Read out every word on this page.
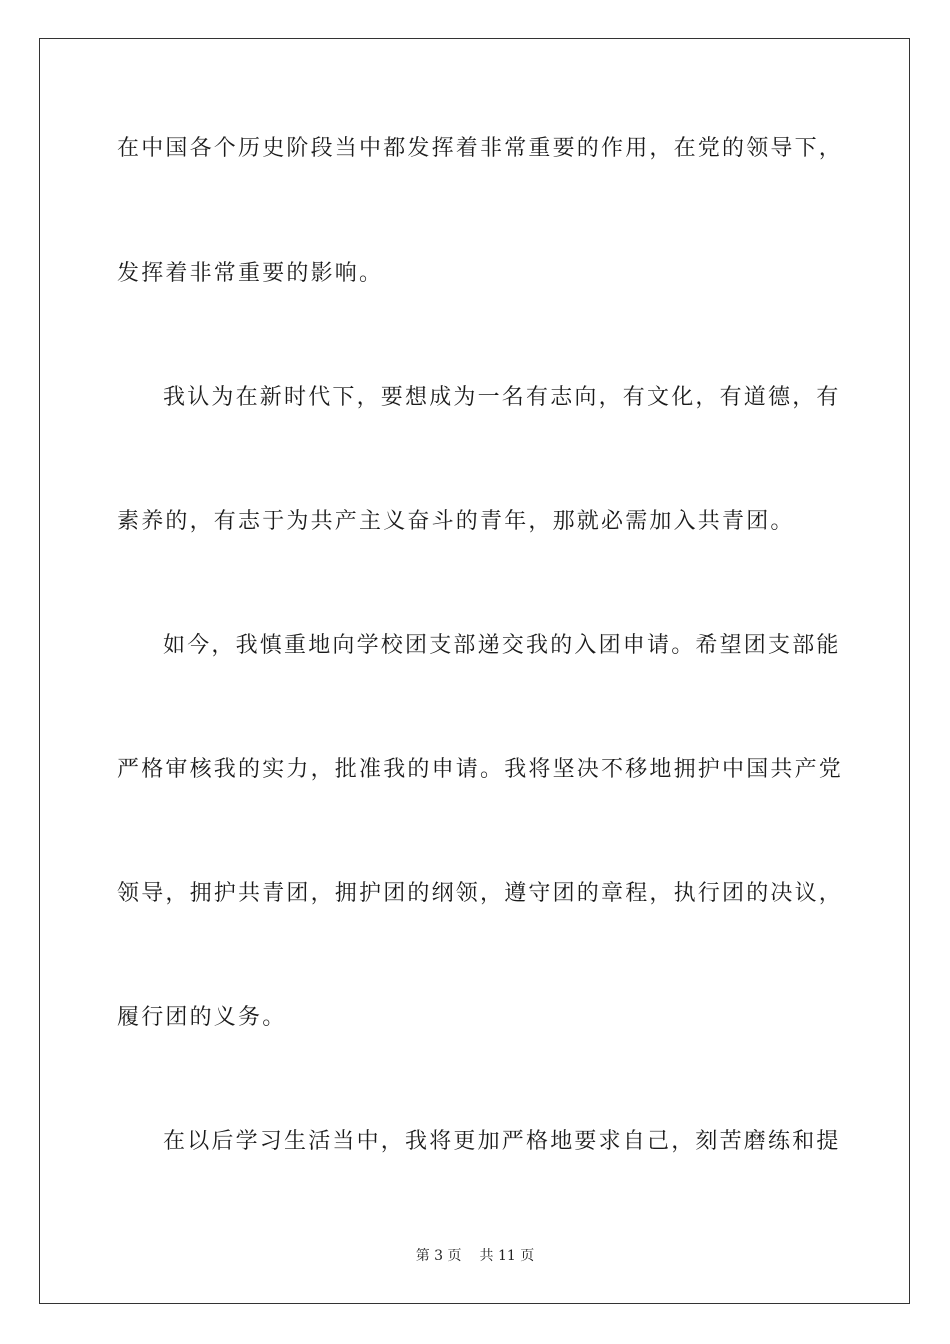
在中国各个历史阶段当中都发挥着非常重要的作用，在党的领导下，
发挥着非常重要的影响。
我认为在新时代下，要想成为一名有志向，有文化，有道德，有
素养的，有志于为共产主义奋斗的青年，那就必需加入共青团。
如今，我慎重地向学校团支部递交我的入团申请。希望团支部能
严格审核我的实力，批准我的申请。我将坚决不移地拥护中国共产党
领导，拥护共青团，拥护团的纲领，遵守团的章程，执行团的决议，
履行团的义务。
在以后学习生活当中，我将更加严格地要求自己，刻苦磨练和提
第 3 页 共 11 页
